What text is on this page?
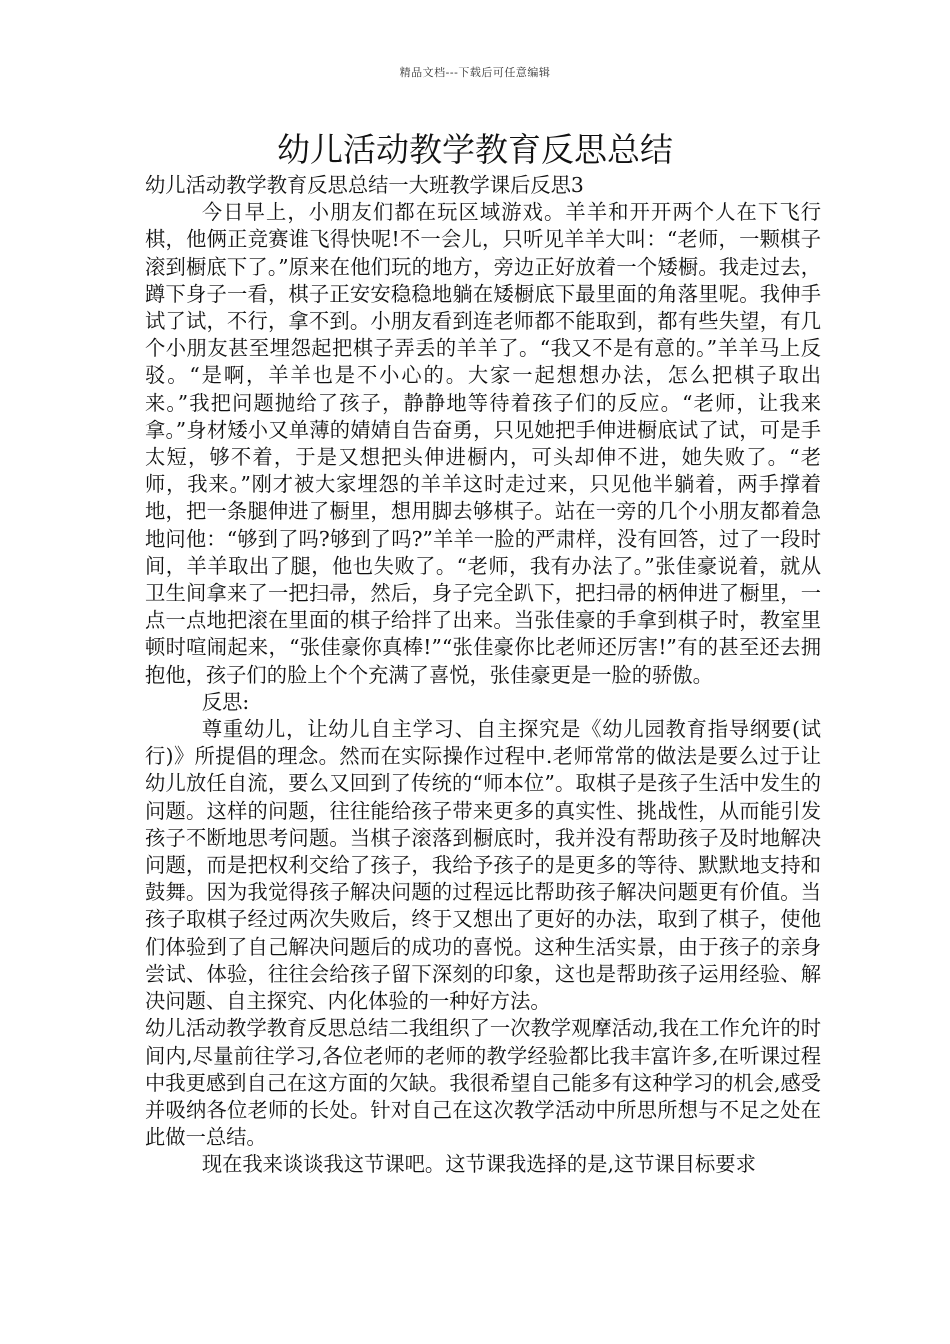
精品文档---下载后可任意编辑
幼儿活动教学教育反思总结

幼儿活动教学教育反思总结一大班教学课后反思3

今日早上，小朋友们都在玩区域游戏。羊羊和开开两个人在下飞行棋，他俩正竞赛谁飞得快呢!不一会儿，只听见羊羊大叫：“老师，一颗棋子滚到橱底下了。”原来在他们玩的地方，旁边正好放着一个矮橱。我走过去，蹲下身子一看，棋子正安安稳稳地躺在矮橱底下最里面的角落里呢。我伸手试了试，不行，拿不到。小朋友看到连老师都不能取到，都有些失望，有几个小朋友甚至埋怨起把棋子弄丢的羊羊了。“我又不是有意的。”羊羊马上反驳。“是啊，羊羊也是不小心的。大家一起想想办法，怎么把棋子取出来。”我把问题抛给了孩子，静静地等待着孩子们的反应。“老师，让我来拿。”身材矮小又单薄的婧婧自告奋勇，只见她把手伸进橱底试了试，可是手太短，够不着，于是又想把头伸进橱内，可头却伸不进，她失败了。“老师，我来。”刚才被大家埋怨的羊羊这时走过来，只见他半躺着，两手撑着地，把一条腿伸进了橱里，想用脚去够棋子。站在一旁的几个小朋友都着急地问他：“够到了吗?够到了吗?”羊羊一脸的严肃样，没有回答，过了一段时间，羊羊取出了腿，他也失败了。“老师，我有办法了。”张佳豪说着，就从卫生间拿来了一把扫帚，然后，身子完全趴下，把扫帚的柄伸进了橱里，一点一点地把滚在里面的棋子给拌了出来。当张佳豪的手拿到棋子时，教室里顿时喧闹起来，“张佳豪你真棒!”“张佳豪你比老师还厉害!”有的甚至还去拥抱他，孩子们的脸上个个充满了喜悦，张佳豪更是一脸的骄傲。

反思:

尊重幼儿，让幼儿自主学习、自主探究是《幼儿园教育指导纲要(试行)》所提倡的理念。然而在实际操作过程中.老师常常的做法是要么过于让幼儿放任自流，要么又回到了传统的“师本位”。取棋子是孩子生活中发生的问题。这样的问题，往往能给孩子带来更多的真实性、挑战性，从而能引发孩子不断地思考问题。当棋子滚落到橱底时，我并没有帮助孩子及时地解决问题，而是把权利交给了孩子，我给予孩子的是更多的等待、默默地支持和鼓舞。因为我觉得孩子解决问题的过程远比帮助孩子解决问题更有价值。当孩子取棋子经过两次失败后，终于又想出了更好的办法，取到了棋子，使他们体验到了自己解决问题后的成功的喜悦。这种生活实景，由于孩子的亲身尝试、体验，往往会给孩子留下深刻的印象，这也是帮助孩子运用经验、解决问题、自主探究、内化体验的一种好方法。

幼儿活动教学教育反思总结二我组织了一次教学观摩活动,我在工作允许的时间内,尽量前往学习,各位老师的老师的教学经验都比我丰富许多,在听课过程中我更感到自己在这方面的欠缺。我很希望自己能多有这种学习的机会,感受并吸纳各位老师的长处。针对自己在这次教学活动中所思所想与不足之处在此做一总结。

现在我来谈谈我这节课吧。这节课我选择的是,这节课目标要求
